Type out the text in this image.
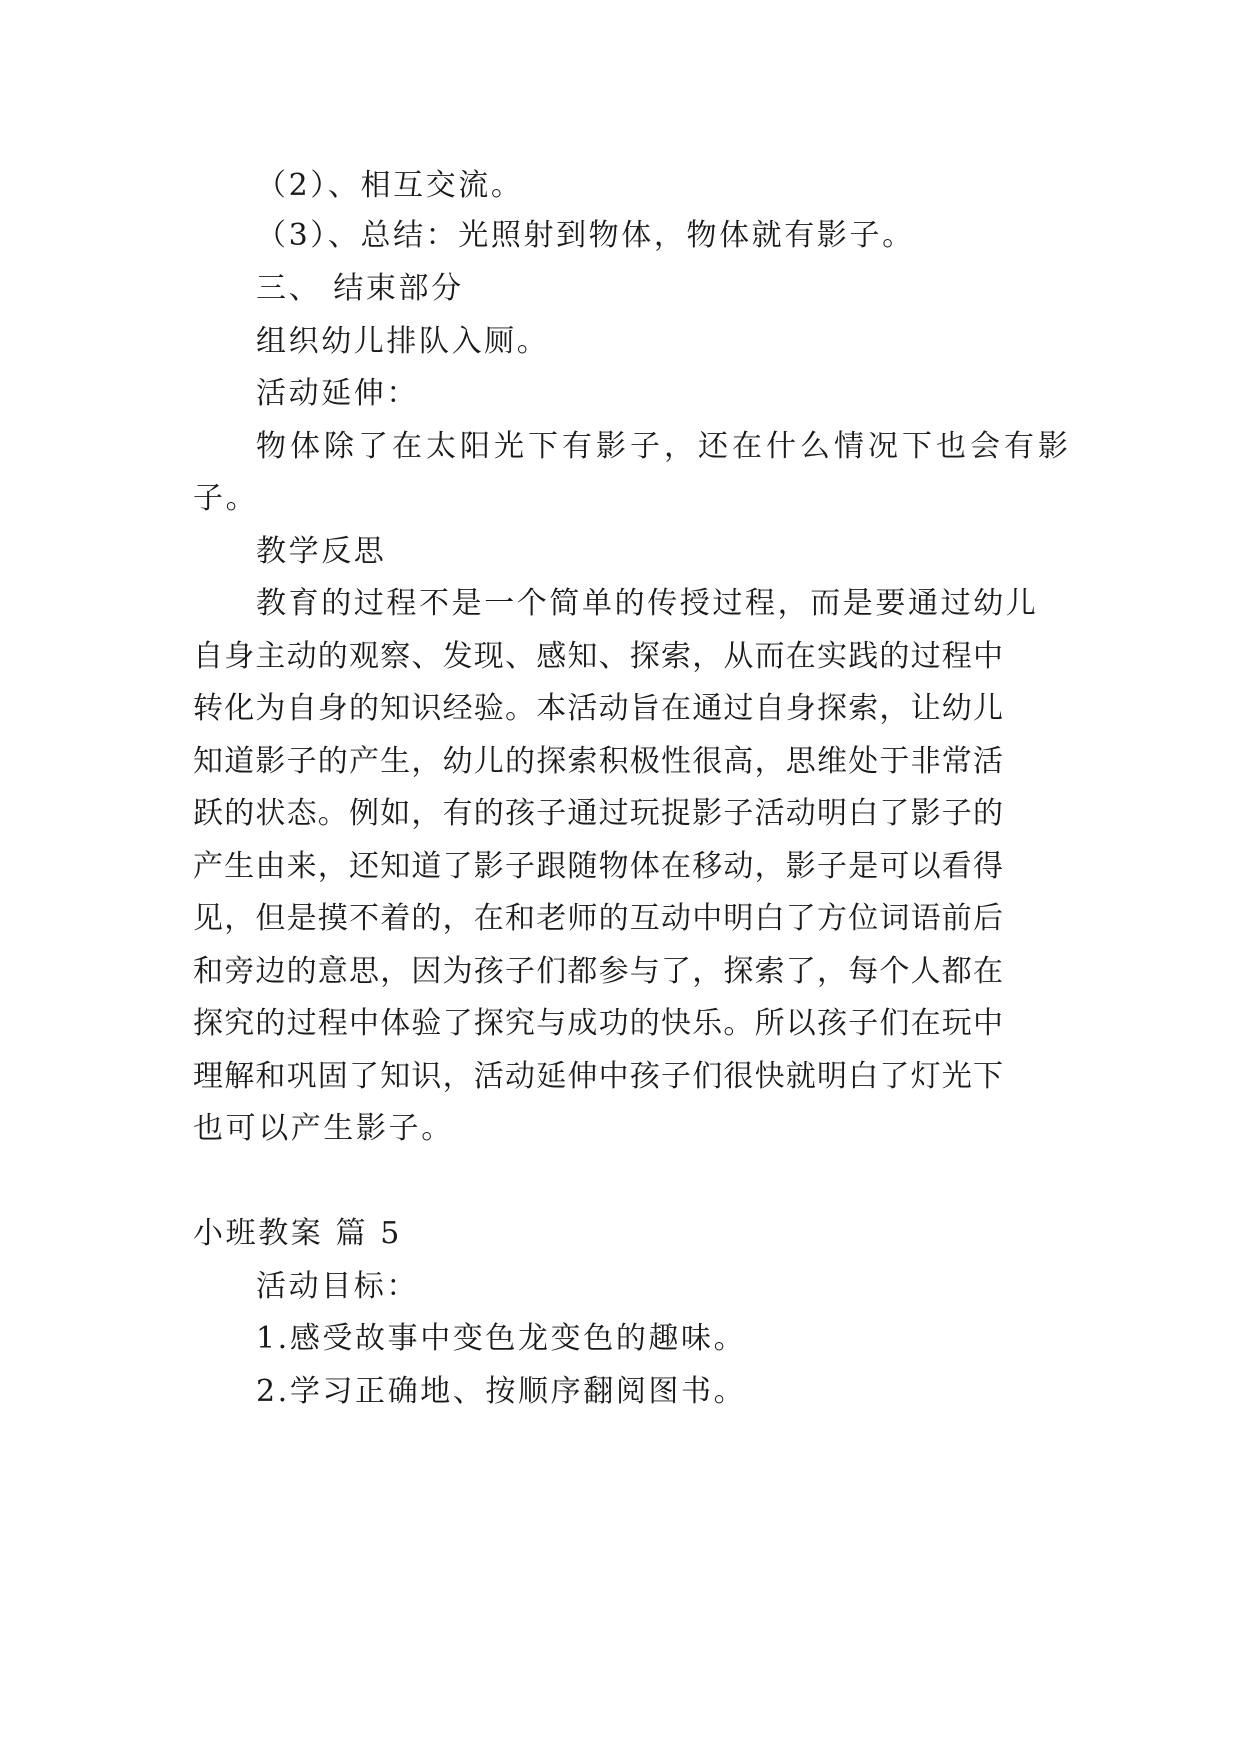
（2）、相互交流。
（3）、总结：光照射到物体，物体就有影子。
三、 结束部分
组织幼儿排队入厕。
活动延伸：
物体除了在太阳光下有影子，还在什么情况下也会有影
子。
教学反思
教育的过程不是一个简单的传授过程，而是要通过幼儿
自身主动的观察、发现、感知、探索，从而在实践的过程中
转化为自身的知识经验。本活动旨在通过自身探索，让幼儿
知道影子的产生，幼儿的探索积极性很高，思维处于非常活
跃的状态。例如，有的孩子通过玩捉影子活动明白了影子的
产生由来，还知道了影子跟随物体在移动，影子是可以看得
见，但是摸不着的，在和老师的互动中明白了方位词语前后
和旁边的意思，因为孩子们都参与了，探索了，每个人都在
探究的过程中体验了探究与成功的快乐。所以孩子们在玩中
理解和巩固了知识，活动延伸中孩子们很快就明白了灯光下
也可以产生影子。
小班教案 篇 5
活动目标：
1.感受故事中变色龙变色的趣味。
2.学习正确地、按顺序翻阅图书。
